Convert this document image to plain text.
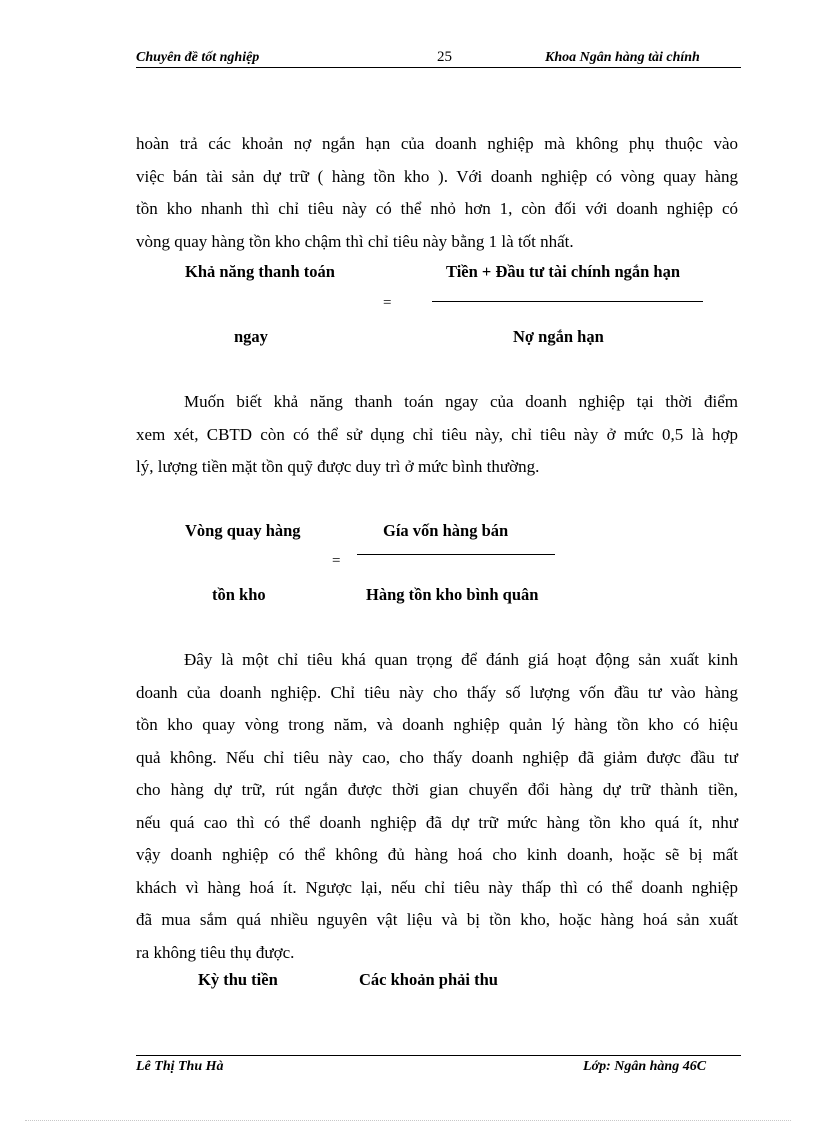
Chuyên đề tốt nghiệp	25	Khoa Ngân hàng tài chính
hoàn trả các khoản nợ ngắn hạn của doanh nghiệp mà không phụ thuộc vào
việc bán tài sản dự trữ ( hàng tồn kho ). Với doanh nghiệp có vòng quay hàng
tồn kho nhanh thì chỉ tiêu này có thể nhỏ hơn 1, còn đối với doanh nghiệp có
vòng quay hàng tồn kho chậm thì chỉ tiêu này bằng 1 là tốt nhất.
Khả năng thanh toán	Tiền + Đầu tư tài chính ngắn hạn
=
ngay	Nợ ngắn hạn
Muốn biết khả năng thanh toán ngay của doanh nghiệp tại thời điểm
xem xét, CBTD còn có thể sử dụng chỉ tiêu này, chỉ tiêu này ở mức 0,5 là hợp
lý, lượng tiền mặt tồn quỹ được duy trì ở mức bình thường.
Vòng quay hàng	Gía vốn hàng bán
=
tồn kho	Hàng tồn kho bình quân
Đây là một chỉ tiêu khá quan trọng để đánh giá hoạt động sản xuất kinh
doanh của doanh nghiệp. Chỉ tiêu này cho thấy số lượng vốn đầu tư vào hàng
tồn kho quay vòng trong năm, và doanh nghiệp quản lý hàng tồn kho có hiệu
quả không. Nếu chỉ tiêu này cao, cho thấy doanh nghiệp đã giảm được đầu tư
cho hàng dự trữ, rút ngắn được thời gian chuyển đổi hàng dự trữ thành tiền,
nếu quá cao thì có thể doanh nghiệp đã dự trữ mức hàng tồn kho quá ít, như
vậy doanh nghiệp có thể không đủ hàng hoá cho kinh doanh, hoặc sẽ bị mất
khách vì hàng hoá ít. Ngược lại, nếu chỉ tiêu này thấp thì có thể doanh nghiệp
đã mua sắm quá nhiều nguyên vật liệu và bị tồn kho, hoặc hàng hoá sản xuất
ra không tiêu thụ được.
Kỳ thu tiền	Các khoản phải thu
Lê Thị Thu Hà	Lớp: Ngân hàng 46C
